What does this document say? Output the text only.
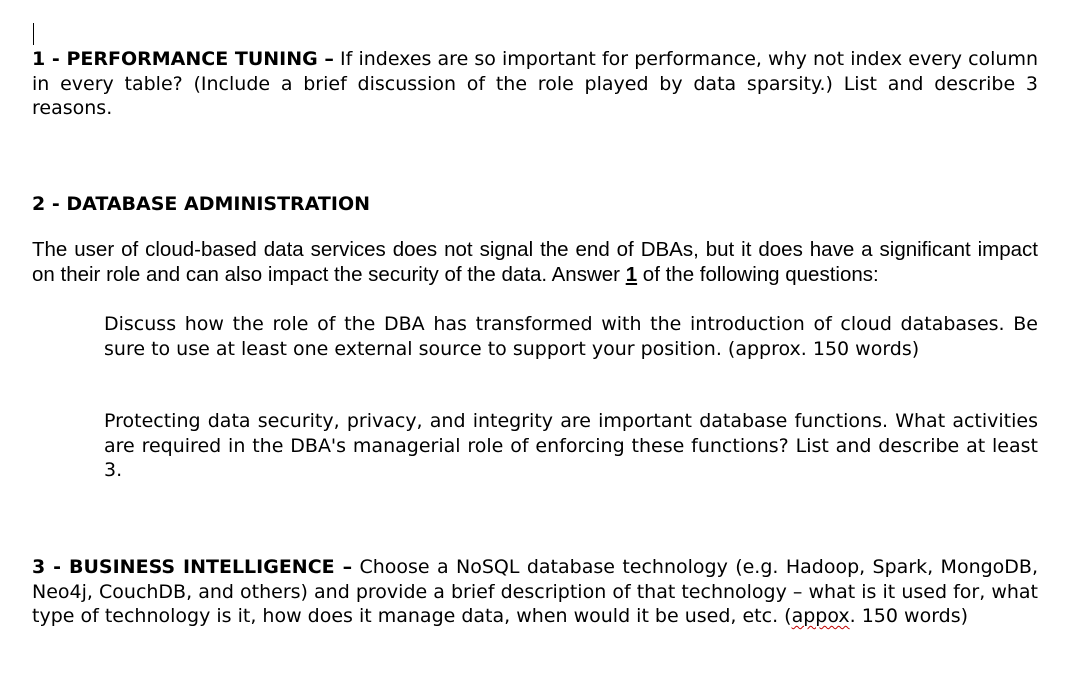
1 - PERFORMANCE TUNING – If indexes are so important for performance, why not index every column in every table? (Include a brief discussion of the role played by data sparsity.) List and describe 3 reasons.

2 - DATABASE ADMINISTRATION

The user of cloud-based data services does not signal the end of DBAs, but it does have a significant impact on their role and can also impact the security of the data. Answer 1 of the following questions:

Discuss how the role of the DBA has transformed with the introduction of cloud databases. Be sure to use at least one external source to support your position. (approx. 150 words)

Protecting data security, privacy, and integrity are important database functions. What activities are required in the DBA's managerial role of enforcing these functions? List and describe at least 3.

3 - BUSINESS INTELLIGENCE – Choose a NoSQL database technology (e.g. Hadoop, Spark, MongoDB, Neo4j, CouchDB, and others) and provide a brief description of that technology – what is it used for, what type of technology is it, how does it manage data, when would it be used, etc. (appox. 150 words)
